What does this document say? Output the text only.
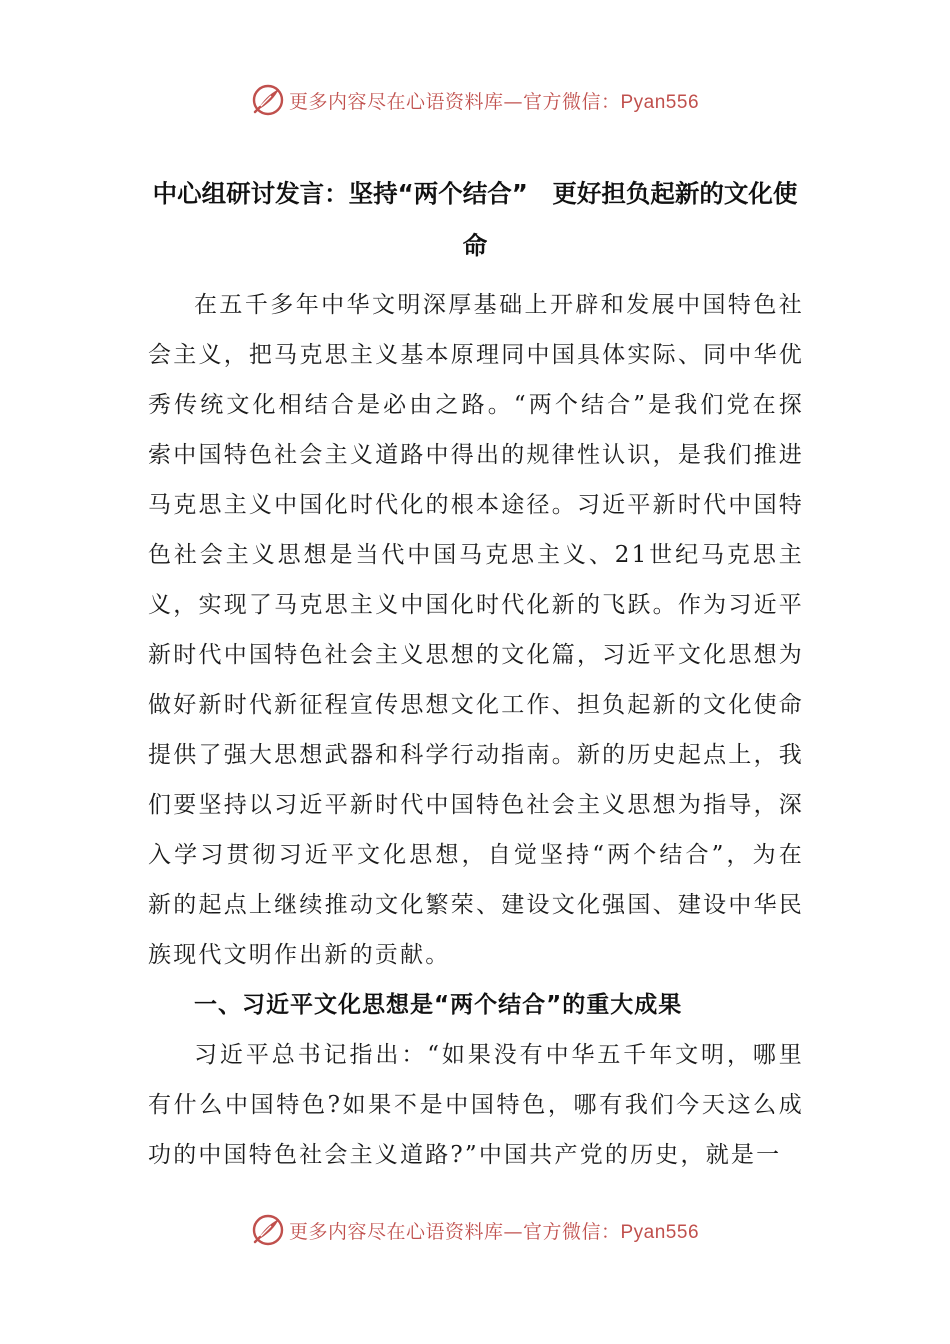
更多内容尽在心语资料库—官方微信：Pyan556
中心组研讨发言：坚持“两个结合”　更好担负起新的文化使命

在五千多年中华文明深厚基础上开辟和发展中国特色社会主义，把马克思主义基本原理同中国具体实际、同中华优秀传统文化相结合是必由之路。“两个结合”是我们党在探索中国特色社会主义道路中得出的规律性认识，是我们推进马克思主义中国化时代化的根本途径。习近平新时代中国特色社会主义思想是当代中国马克思主义、21世纪马克思主义，实现了马克思主义中国化时代化新的飞跃。作为习近平新时代中国特色社会主义思想的文化篇，习近平文化思想为做好新时代新征程宣传思想文化工作、担负起新的文化使命提供了强大思想武器和科学行动指南。新的历史起点上，我们要坚持以习近平新时代中国特色社会主义思想为指导，深入学习贯彻习近平文化思想，自觉坚持“两个结合”，为在新的起点上继续推动文化繁荣、建设文化强国、建设中华民族现代文明作出新的贡献。

一、习近平文化思想是“两个结合”的重大成果

习近平总书记指出：“如果没有中华五千年文明，哪里有什么中国特色?如果不是中国特色，哪有我们今天这么成功的中国特色社会主义道路?”中国共产党的历史，就是一

更多内容尽在心语资料库—官方微信：Pyan556
